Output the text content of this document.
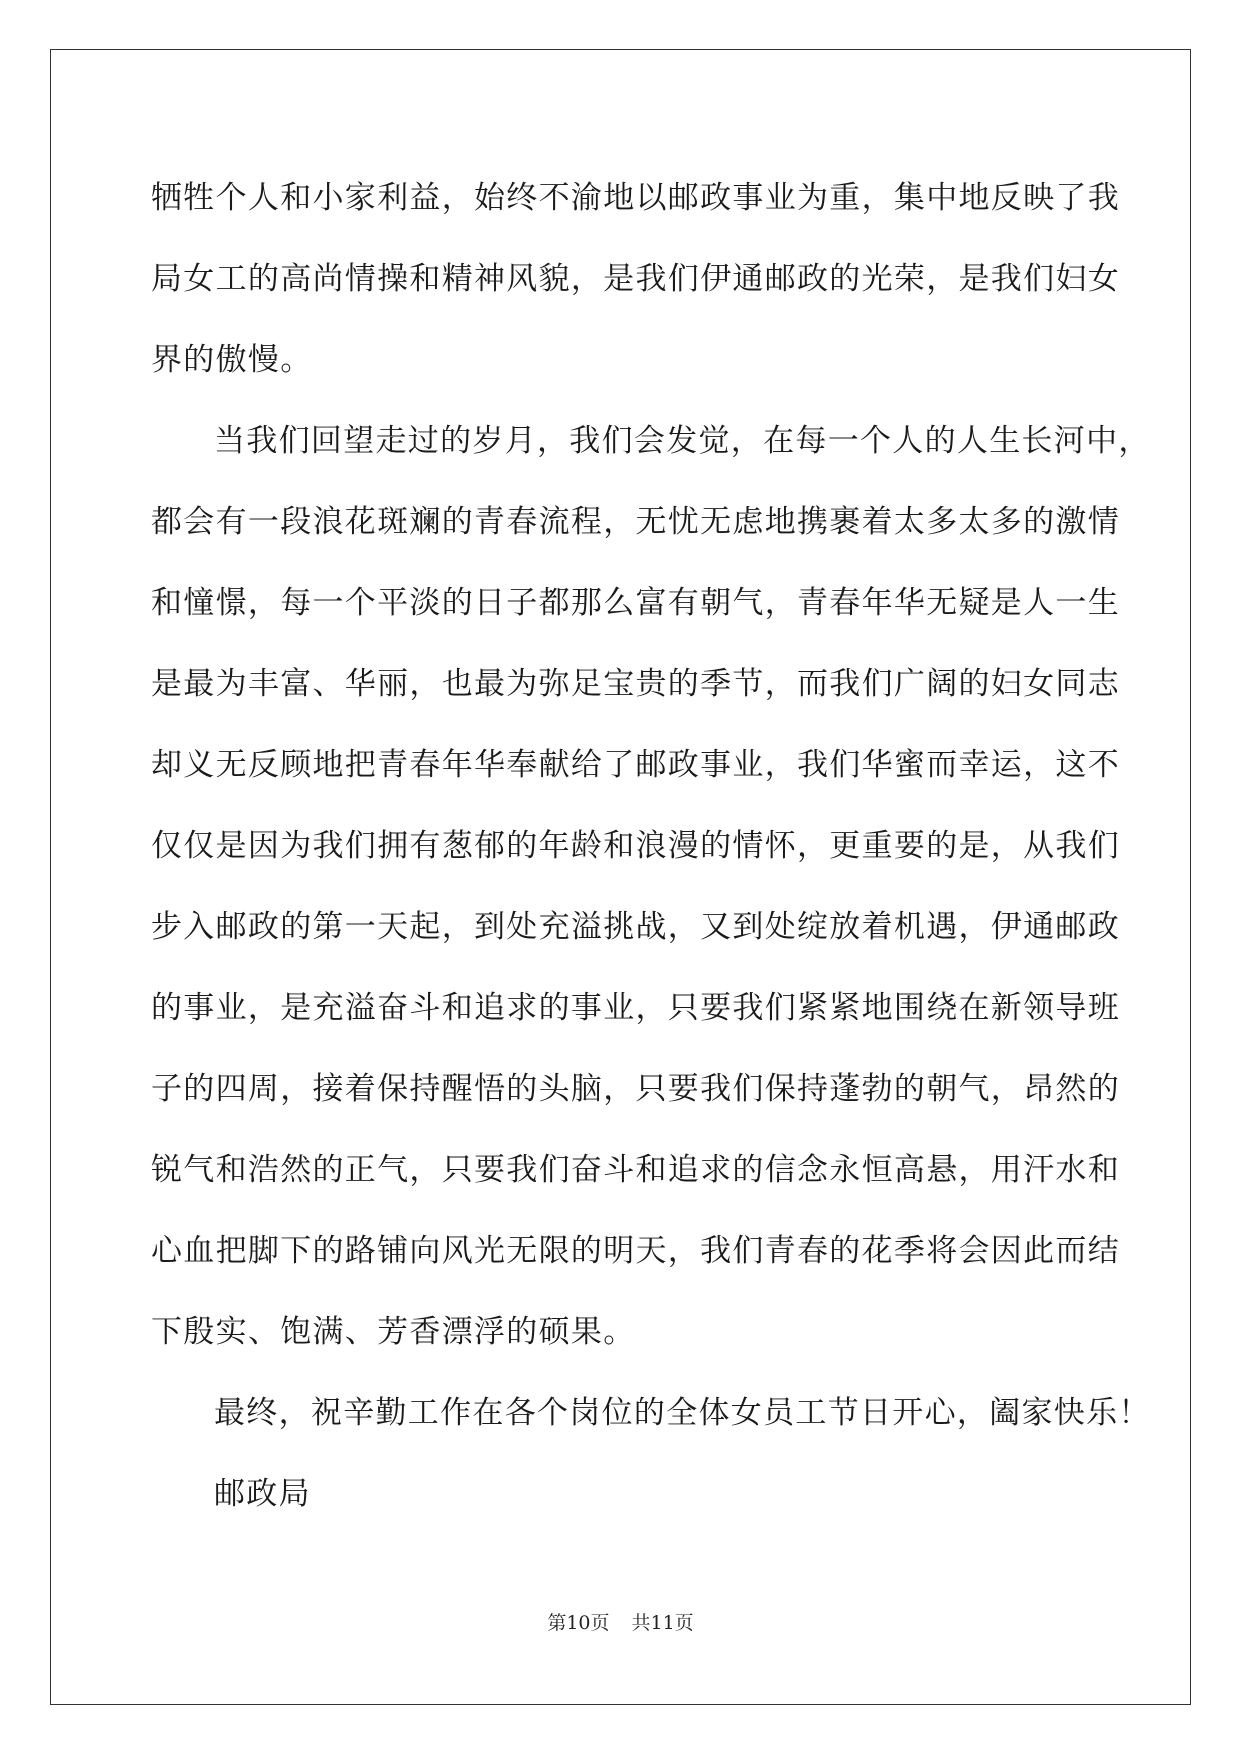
牺牲个人和小家利益，始终不渝地以邮政事业为重，集中地反映了我
局女工的高尚情操和精神风貌，是我们伊通邮政的光荣，是我们妇女
界的傲慢。
当我们回望走过的岁月，我们会发觉，在每一个人的人生长河中，
都会有一段浪花斑斓的青春流程，无忧无虑地携裹着太多太多的激情
和憧憬，每一个平淡的日子都那么富有朝气，青春年华无疑是人一生
是最为丰富、华丽，也最为弥足宝贵的季节，而我们广阔的妇女同志
却义无反顾地把青春年华奉献给了邮政事业，我们华蜜而幸运，这不
仅仅是因为我们拥有葱郁的年龄和浪漫的情怀，更重要的是，从我们
步入邮政的第一天起，到处充溢挑战，又到处绽放着机遇，伊通邮政
的事业，是充溢奋斗和追求的事业，只要我们紧紧地围绕在新领导班
子的四周，接着保持醒悟的头脑，只要我们保持蓬勃的朝气，昂然的
锐气和浩然的正气，只要我们奋斗和追求的信念永恒高悬，用汗水和
心血把脚下的路铺向风光无限的明天，我们青春的花季将会因此而结
下殷实、饱满、芳香漂浮的硕果。
最终，祝辛勤工作在各个岗位的全体女员工节日开心，阖家快乐！
邮政局
第10页 共11页
